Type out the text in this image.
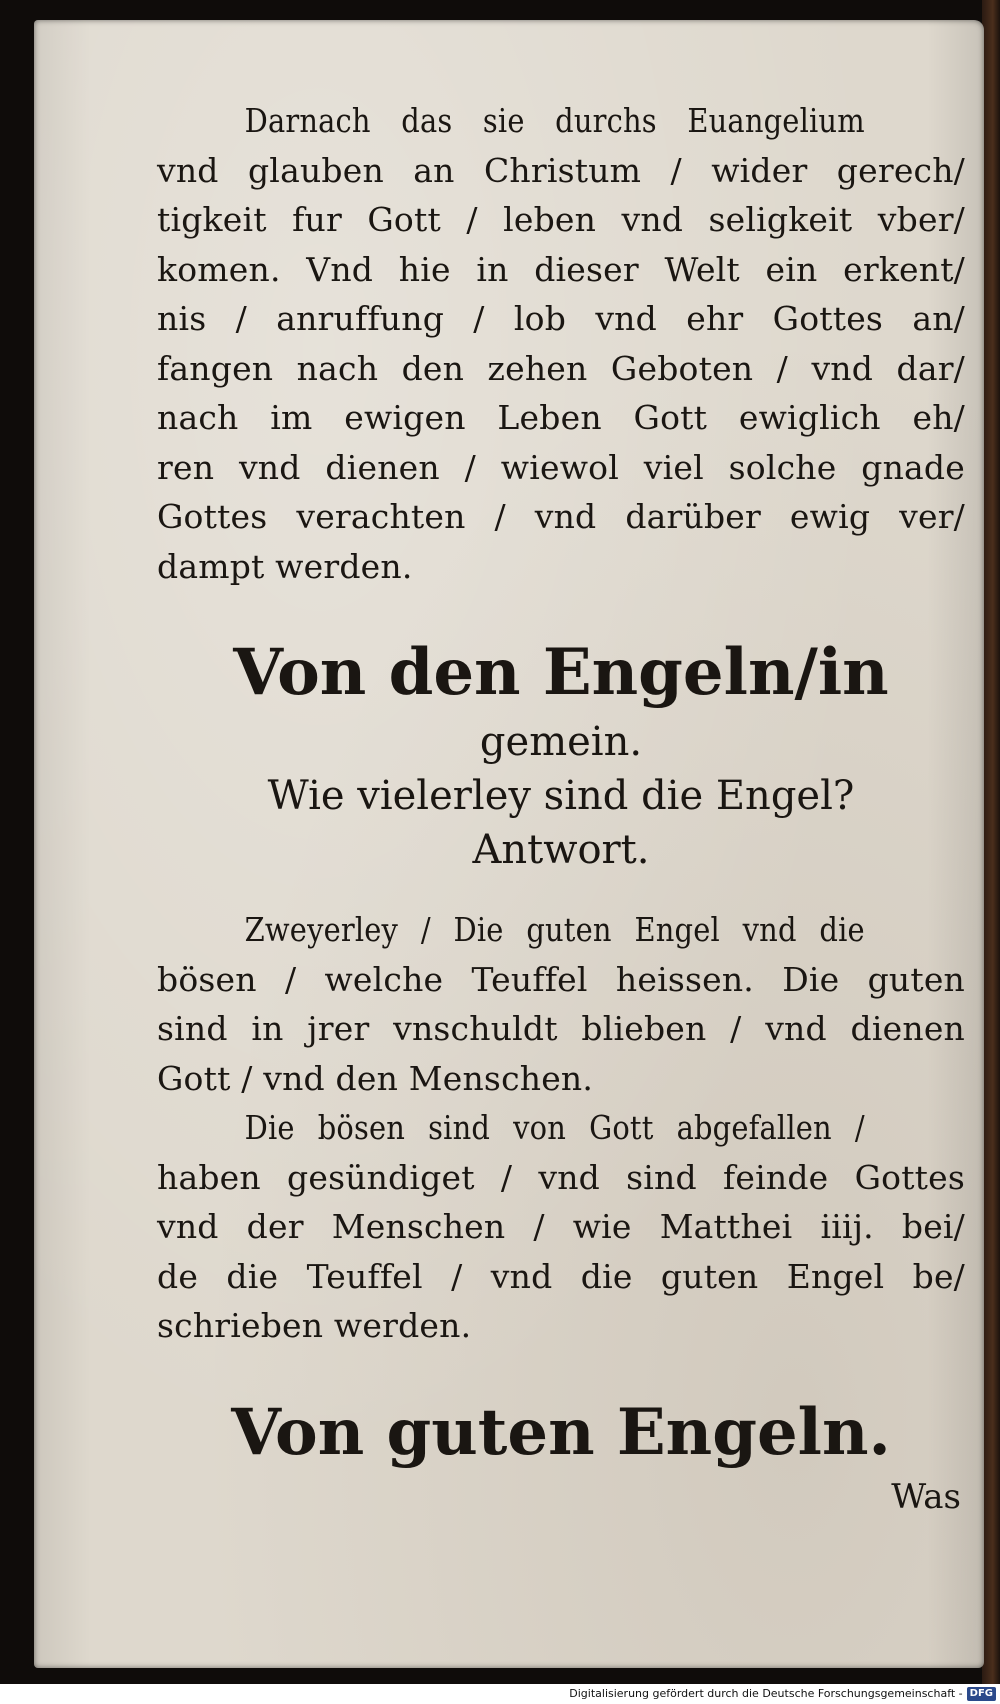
Darnach das sie durchs Euangelium
vnd glauben an Christum / wider gerech/
tigkeit fur Gott / leben vnd seligkeit vber/
komen. Vnd hie in dieser Welt ein erkent/
nis / anruffung / lob vnd ehr Gottes an/
fangen nach den zehen Geboten / vnd dar/
nach im ewigen Leben Gott ewiglich eh/
ren vnd dienen / wiewol viel solche gnade
Gottes verachten / vnd darüber ewig ver/
dampt werden.
Von den Engeln/in
gemein.
Wie vielerley sind die Engel?
Antwort.
Zweyerley / Die guten Engel vnd die
bösen / welche Teuffel heissen. Die guten
sind in jrer vnschuldt blieben / vnd dienen
Gott / vnd den Menschen.
Die bösen sind von Gott abgefallen /
haben gesündiget / vnd sind feinde Gottes
vnd der Menschen / wie Matthei iiij. bei/
de die Teuffel / vnd die guten Engel be/
schrieben werden.
Von guten Engeln.
Was
Digitalisierung gefördert durch die Deutsche Forschungsgemeinschaft - DFG
